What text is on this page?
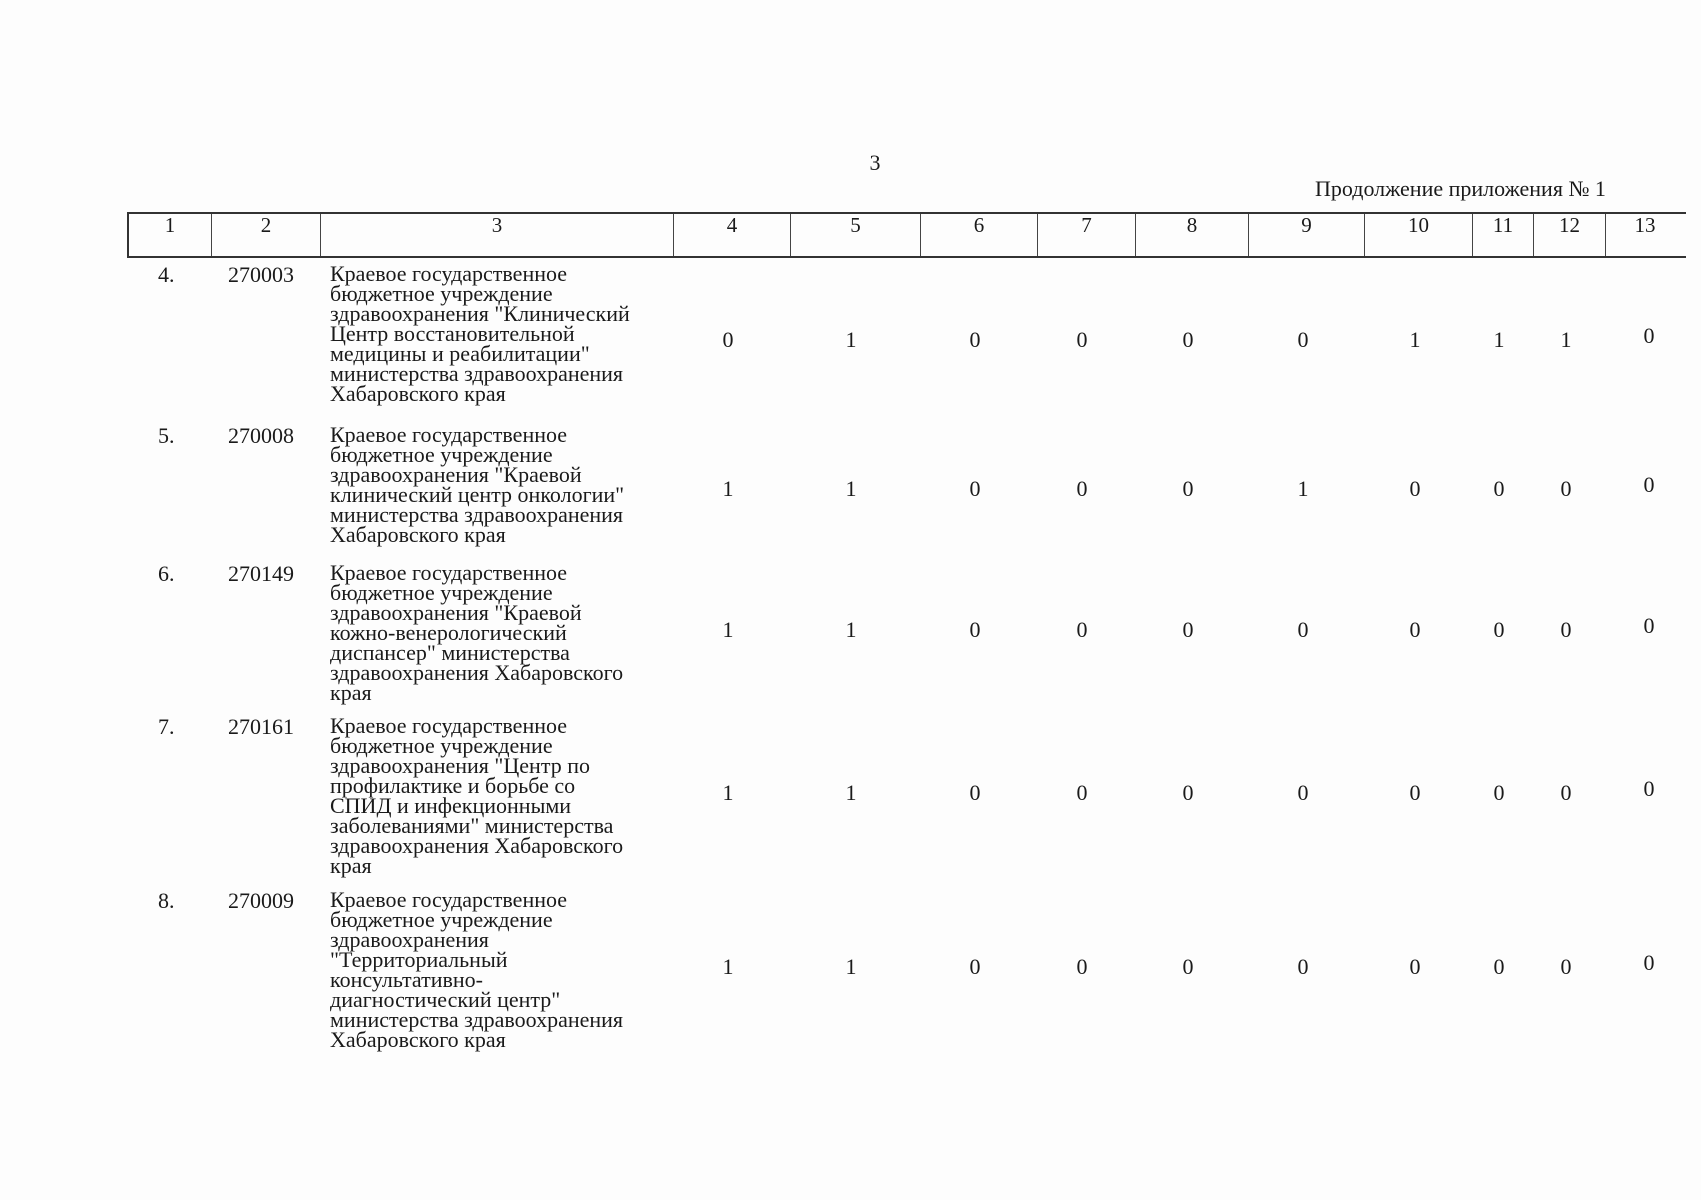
3
Продолжение приложения № 1
1	2	3	4	5	6	7	8	9	10	11	12	13
4. 270003 Краевое государственное
бюджетное учреждение
здравоохранения "Клинический
Центр восстановительной
медицины и реабилитации"
министерства здравоохранения
Хабаровского края
0	1	0	0	0	0	1	1	1	0
5. 270008 Краевое государственное
бюджетное учреждение
здравоохранения "Краевой
клинический центр онкологии"
министерства здравоохранения
Хабаровского края
1	1	0	0	0	1	0	0	0	0
6. 270149 Краевое государственное
бюджетное учреждение
здравоохранения "Краевой
кожно-венерологический
диспансер" министерства
здравоохранения Хабаровского
края
1	1	0	0	0	0	0	0	0	0
7. 270161 Краевое государственное
бюджетное учреждение
здравоохранения "Центр по
профилактике и борьбе со
СПИД и инфекционными
заболеваниями" министерства
здравоохранения Хабаровского
края
1	1	0	0	0	0	0	0	0	0
8. 270009 Краевое государственное
бюджетное учреждение
здравоохранения
"Территориальный
консультативно-
диагностический центр"
министерства здравоохранения
Хабаровского края
1	1	0	0	0	0	0	0	0	0
